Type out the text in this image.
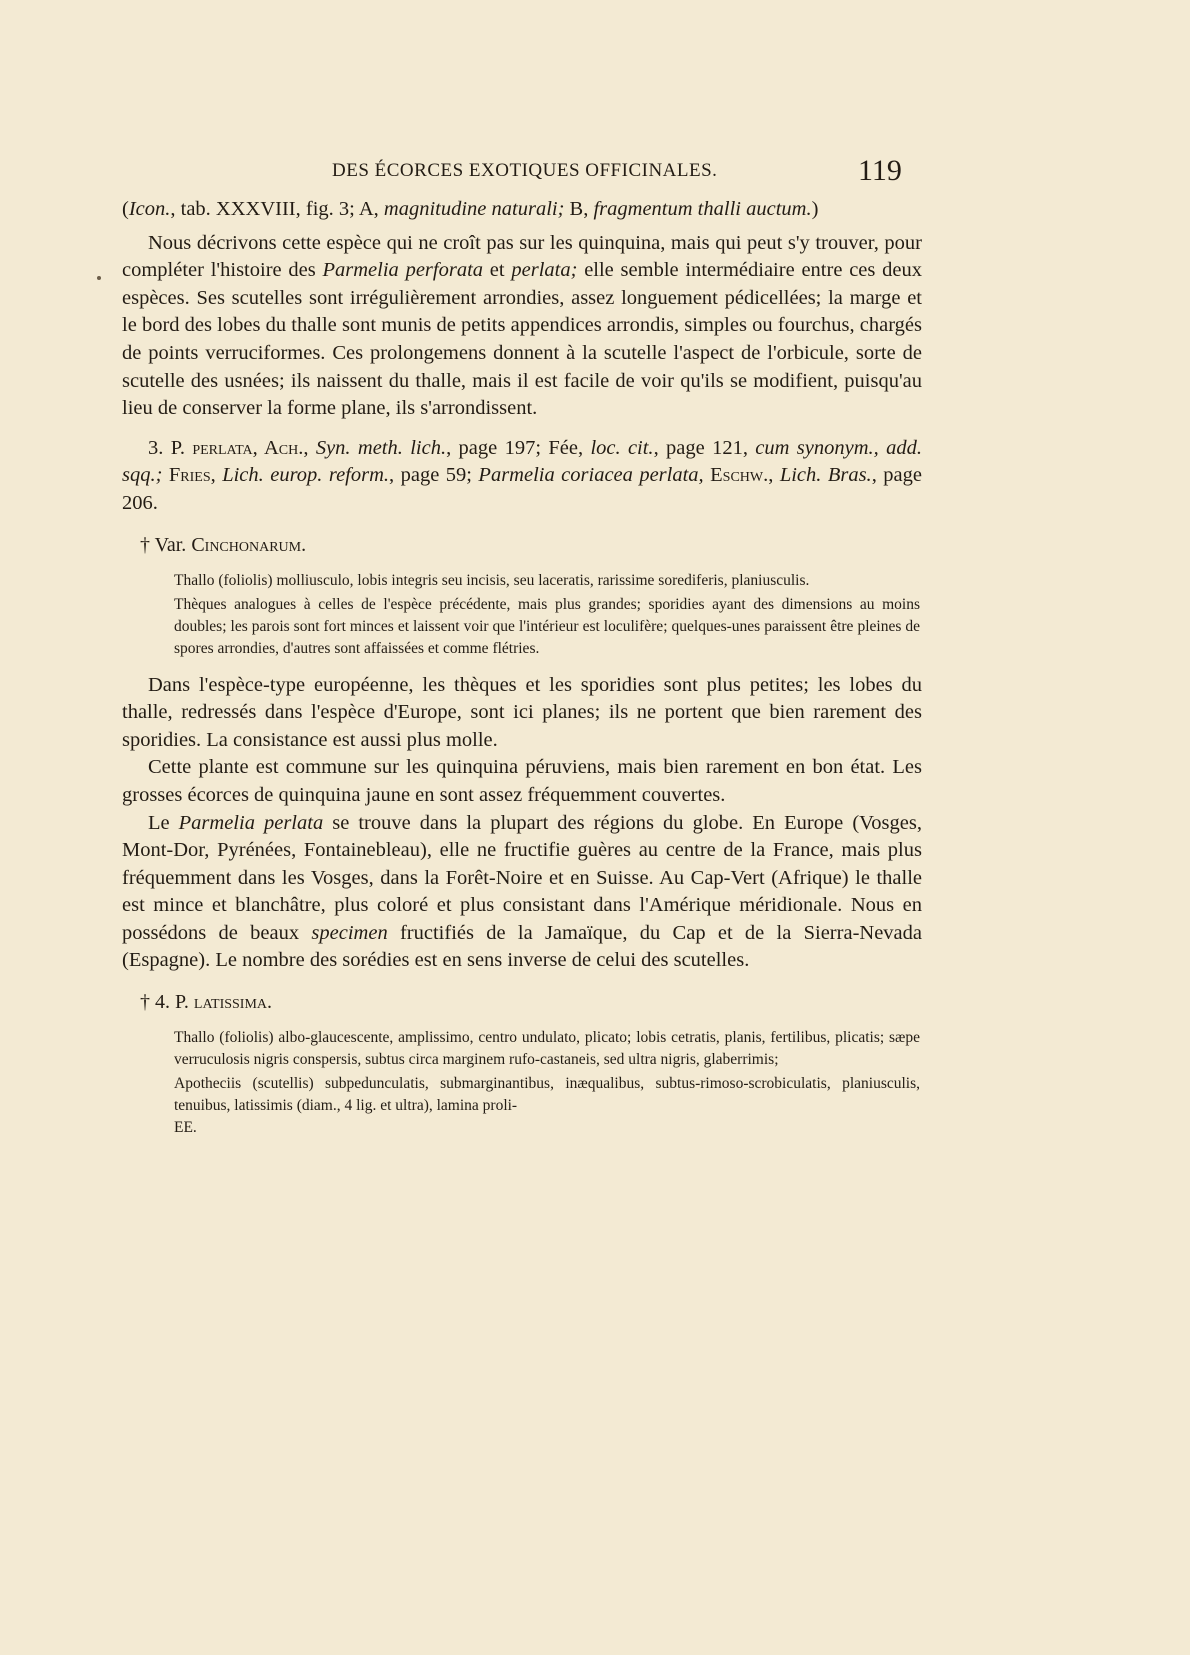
DES ÉCORCES EXOTIQUES OFFICINALES.	119

(Icon., tab. XXXVIII, fig. 3; A, magnitudine naturali; B, fragmentum thalli auctum.)

Nous décrivons cette espèce qui ne croît pas sur les quinquina, mais qui peut s'y trouver, pour compléter l'histoire des Parmelia perforata et perlata; elle semble intermédiaire entre ces deux espèces. Ses scutelles sont irrégulièrement arrondies, assez longuement pédicellées; la marge et le bord des lobes du thalle sont munis de petits appendices arrondis, simples ou fourchus, chargés de points verruciformes. Ces prolongemens donnent à la scutelle l'aspect de l'orbicule, sorte de scutelle des usnées; ils naissent du thalle, mais il est facile de voir qu'ils se modifient, puisqu'au lieu de conserver la forme plane, ils s'arrondissent.

3. P. perlata, Ach., Syn. meth. lich., page 197; Fée, loc. cit., page 121, cum synonym., add. sqq.; Fries, Lich. europ. reform., page 59; Parmelia coriacea perlata, Eschw., Lich. Bras., page 206.

† Var. Cinchonarum.

Thallo (foliolis) molliusculo, lobis integris seu incisis, seu laceratis, rarissime sorediferis, planiusculis.

Thèques analogues à celles de l'espèce précédente, mais plus grandes; sporidies ayant des dimensions au moins doubles; les parois sont fort minces et laissent voir que l'intérieur est loculifère; quelques-unes paraissent être pleines de spores arrondies, d'autres sont affaissées et comme flétries.

Dans l'espèce-type européenne, les thèques et les sporidies sont plus petites; les lobes du thalle, redressés dans l'espèce d'Europe, sont ici planes; ils ne portent que bien rarement des sporidies. La consistance est aussi plus molle.

Cette plante est commune sur les quinquina péruviens, mais bien rarement en bon état. Les grosses écorces de quinquina jaune en sont assez fréquemment couvertes.

Le Parmelia perlata se trouve dans la plupart des régions du globe. En Europe (Vosges, Mont-Dor, Pyrénées, Fontainebleau), elle ne fructifie guères au centre de la France, mais plus fréquemment dans les Vosges, dans la Forêt-Noire et en Suisse. Au Cap-Vert (Afrique) le thalle est mince et blanchâtre, plus coloré et plus consistant dans l'Amérique méridionale. Nous en possédons de beaux specimen fructifiés de la Jamaïque, du Cap et de la Sierra-Nevada (Espagne). Le nombre des sorédies est en sens inverse de celui des scutelles.

† 4. P. latissima.

Thallo (foliolis) albo-glaucescente, amplissimo, centro undulato, plicato; lobis cetratis, planis, fertilibus, plicatis; sæpe verruculosis nigris conspersis, subtus circa marginem rufo-castaneis, sed ultra nigris, glaberrimis;

Apotheciis (scutellis) subpedunculatis, submarginantibus, inæqualibus, subtus-rimoso-scrobiculatis, planiusculis, tenuibus, latissimis (diam., 4 lig. et ultra), lamina proli-

EE.
